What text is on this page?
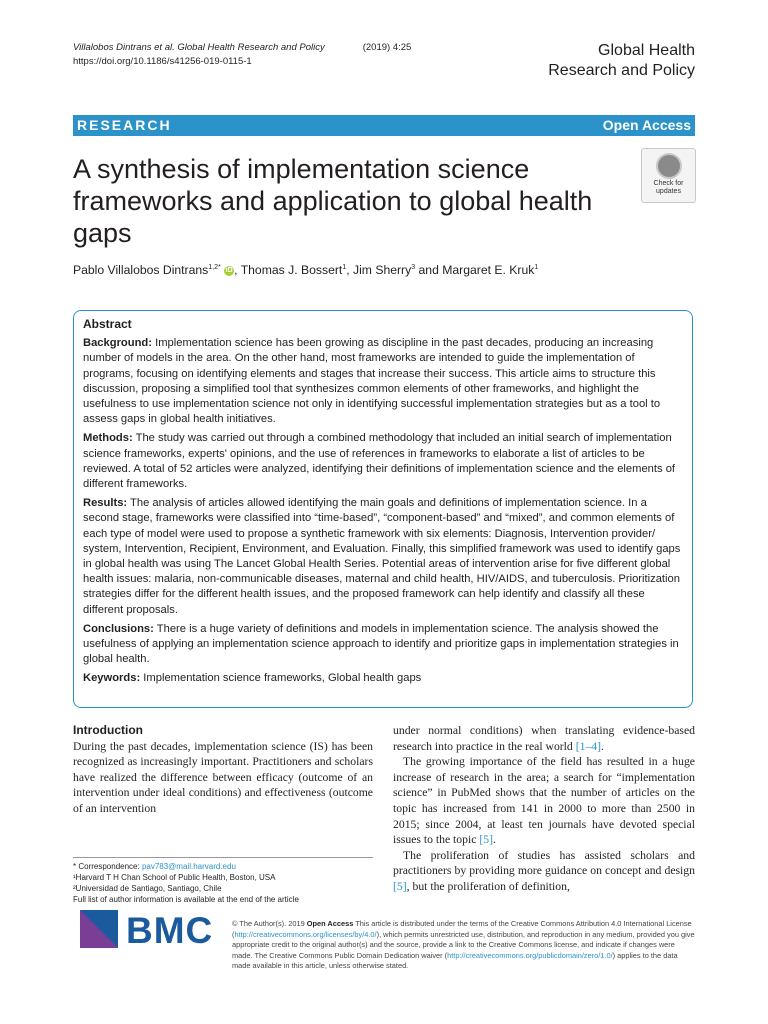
Villalobos Dintrans et al. Global Health Research and Policy	(2019) 4:25
https://doi.org/10.1186/s41256-019-0115-1
Global Health
Research and Policy
RESEARCH	Open Access
A synthesis of implementation science frameworks and application to global health gaps
Check for
updates
Pablo Villalobos Dintrans$^{1,2*}$ iD , Thomas J. Bossert$^1$, Jim Sherry$^3$ and Margaret E. Kruk$^1$
Abstract

Background: Implementation science has been growing as discipline in the past decades, producing an increasing number of models in the area. On the other hand, most frameworks are intended to guide the implementation of programs, focusing on identifying elements and stages that increase their success. This article aims to structure this discussion, proposing a simplified tool that synthesizes common elements of other frameworks, and highlight the usefulness to use implementation science not only in identifying successful implementation strategies but as a tool to assess gaps in global health initiatives.

Methods: The study was carried out through a combined methodology that included an initial search of implementation science frameworks, experts' opinions, and the use of references in frameworks to elaborate a list of articles to be reviewed. A total of 52 articles were analyzed, identifying their definitions of implementation science and the elements of different frameworks.

Results: The analysis of articles allowed identifying the main goals and definitions of implementation science. In a second stage, frameworks were classified into “time-based”, “component-based” and “mixed”, and common elements of each type of model were used to propose a synthetic framework with six elements: Diagnosis, Intervention provider/ system, Intervention, Recipient, Environment, and Evaluation. Finally, this simplified framework was used to identify gaps in global health was using The Lancet Global Health Series. Potential areas of intervention arise for five different global health issues: malaria, non-communicable diseases, maternal and child health, HIV/AIDS, and tuberculosis. Prioritization strategies differ for the different health issues, and the proposed framework can help identify and classify all these different proposals.

Conclusions: There is a huge variety of definitions and models in implementation science. The analysis showed the usefulness of applying an implementation science approach to identify and prioritize gaps in implementation strategies in global health.

Keywords: Implementation science frameworks, Global health gaps

Introduction

During the past decades, implementation science (IS) has been recognized as increasingly important. Practitioners and scholars have realized the difference between efficacy (outcome of an intervention under ideal conditions) and effectiveness (outcome of an intervention

under normal conditions) when translating evidence-based research into practice in the real world [1–4].

The growing importance of the field has resulted in a huge increase of research in the area; a search for “implementation science” in PubMed shows that the number of articles on the topic has increased from 141 in 2000 to more than 2500 in 2015; since 2004, at least ten journals have devoted special issues to the topic [5].

The proliferation of studies has assisted scholars and practitioners by providing more guidance on concept and design [5], but the proliferation of definition,

* Correspondence: pav783@mail.harvard.edu
¹Harvard T H Chan School of Public Health, Boston, USA
²Universidad de Santiago, Santiago, Chile
Full list of author information is available at the end of the article
BMC	© The Author(s). 2019 Open Access This article is distributed under the terms of the Creative Commons Attribution 4.0 International License (http://creativecommons.org/licenses/by/4.0/), which permits unrestricted use, distribution, and reproduction in any medium, provided you give appropriate credit to the original author(s) and the source, provide a link to the Creative Commons license, and indicate if changes were made. The Creative Commons Public Domain Dedication waiver (http://creativecommons.org/publicdomain/zero/1.0/) applies to the data made available in this article, unless otherwise stated.
